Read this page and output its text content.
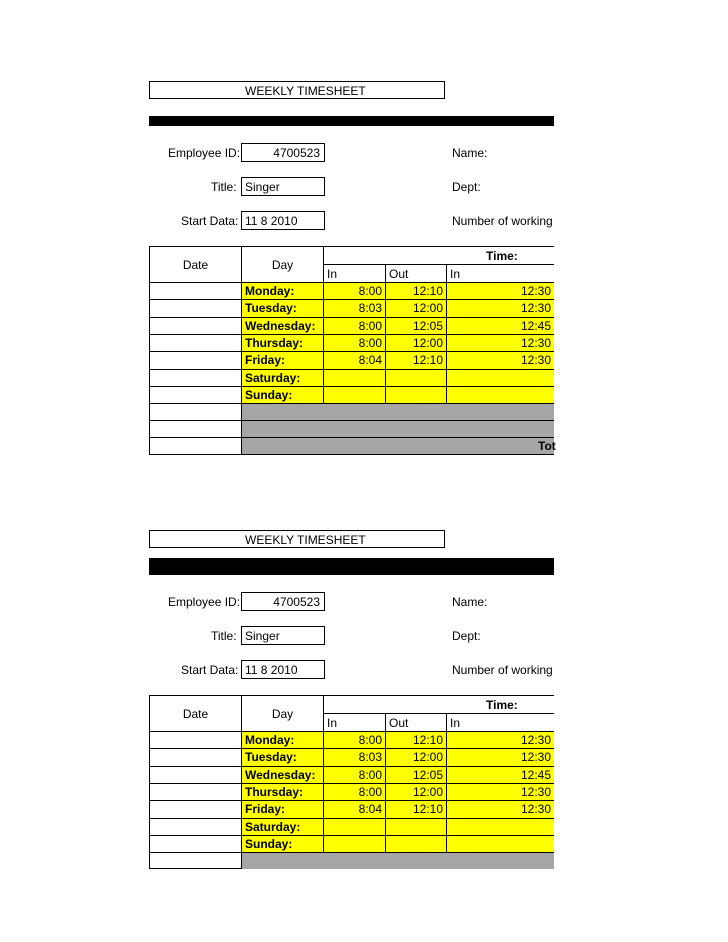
WEEKLY TIMESHEET
Employee ID:	4700523	Name:
Title: Singer	Dept:
Start Data: 11 8 2010	Number of working
Date	Day
Time:
In	Out	In
Monday:	8:00	12:10	12:30
Tuesday:	8:03	12:00	12:30
Wednesday:	8:00	12:05	12:45
Thursday:	8:00	12:00	12:30
Friday:	8:04	12:10	12:30
Saturday:
Sunday:
Tot
WEEKLY TIMESHEET
Employee ID:	4700523	Name:
Title: Singer	Dept:
Start Data: 11 8 2010	Number of working
Date	Day
Time:
In	Out	In
Monday:	8:00	12:10	12:30
Tuesday:	8:03	12:00	12:30
Wednesday:	8:00	12:05	12:45
Thursday:	8:00	12:00	12:30
Friday:	8:04	12:10	12:30
Saturday:
Sunday:
